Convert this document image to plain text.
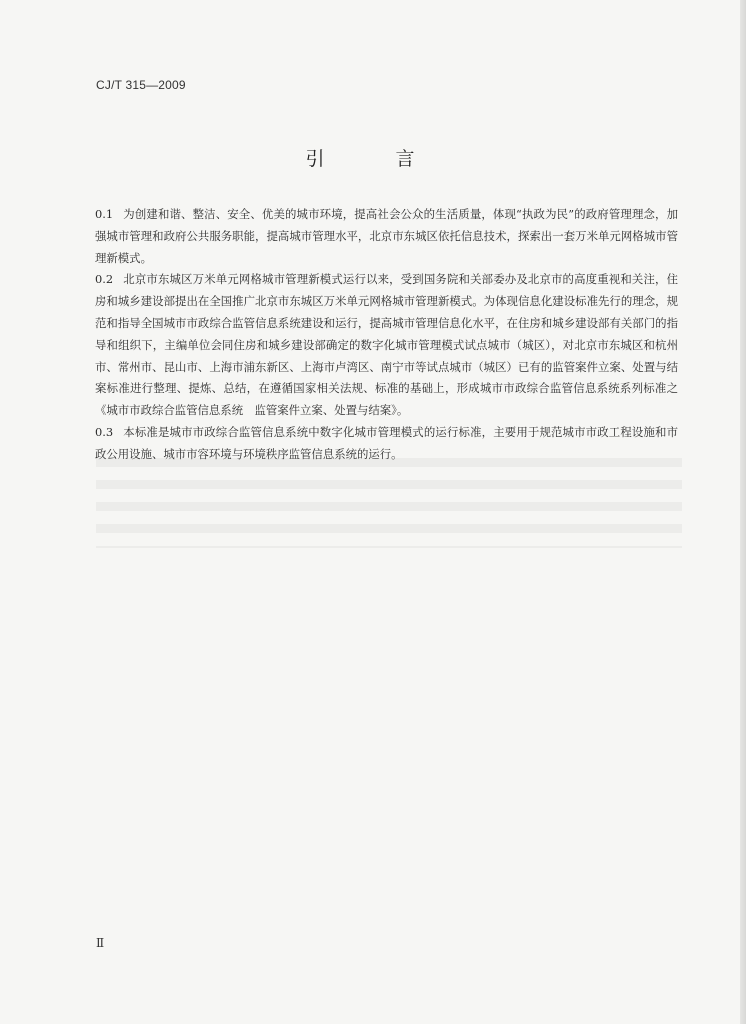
CJ/T 315—2009
引　言

0.1 为创建和谐、整洁、安全、优美的城市环境，提高社会公众的生活质量，体现“执政为民”的政府管理理念，加强城市管理和政府公共服务职能，提高城市管理水平，北京市东城区依托信息技术，探索出一套万米单元网格城市管理新模式。

0.2 北京市东城区万米单元网格城市管理新模式运行以来，受到国务院和关部委办及北京市的高度重视和关注，住房和城乡建设部提出在全国推广北京市东城区万米单元网格城市管理新模式。为体现信息化建设标准先行的理念，规范和指导全国城市市政综合监管信息系统建设和运行，提高城市管理信息化水平，在住房和城乡建设部有关部门的指导和组织下，主编单位会同住房和城乡建设部确定的数字化城市管理模式试点城市（城区），对北京市东城区和杭州市、常州市、昆山市、上海市浦东新区、上海市卢湾区、南宁市等试点城市（城区）已有的监管案件立案、处置与结案标准进行整理、提炼、总结，在遵循国家相关法规、标准的基础上，形成城市市政综合监管信息系统系列标准之《城市市政综合监管信息系统　监管案件立案、处置与结案》。

0.3 本标准是城市市政综合监管信息系统中数字化城市管理模式的运行标准，主要用于规范城市市政工程设施和市政公用设施、城市市容环境与环境秩序监管信息系统的运行。

Ⅱ
